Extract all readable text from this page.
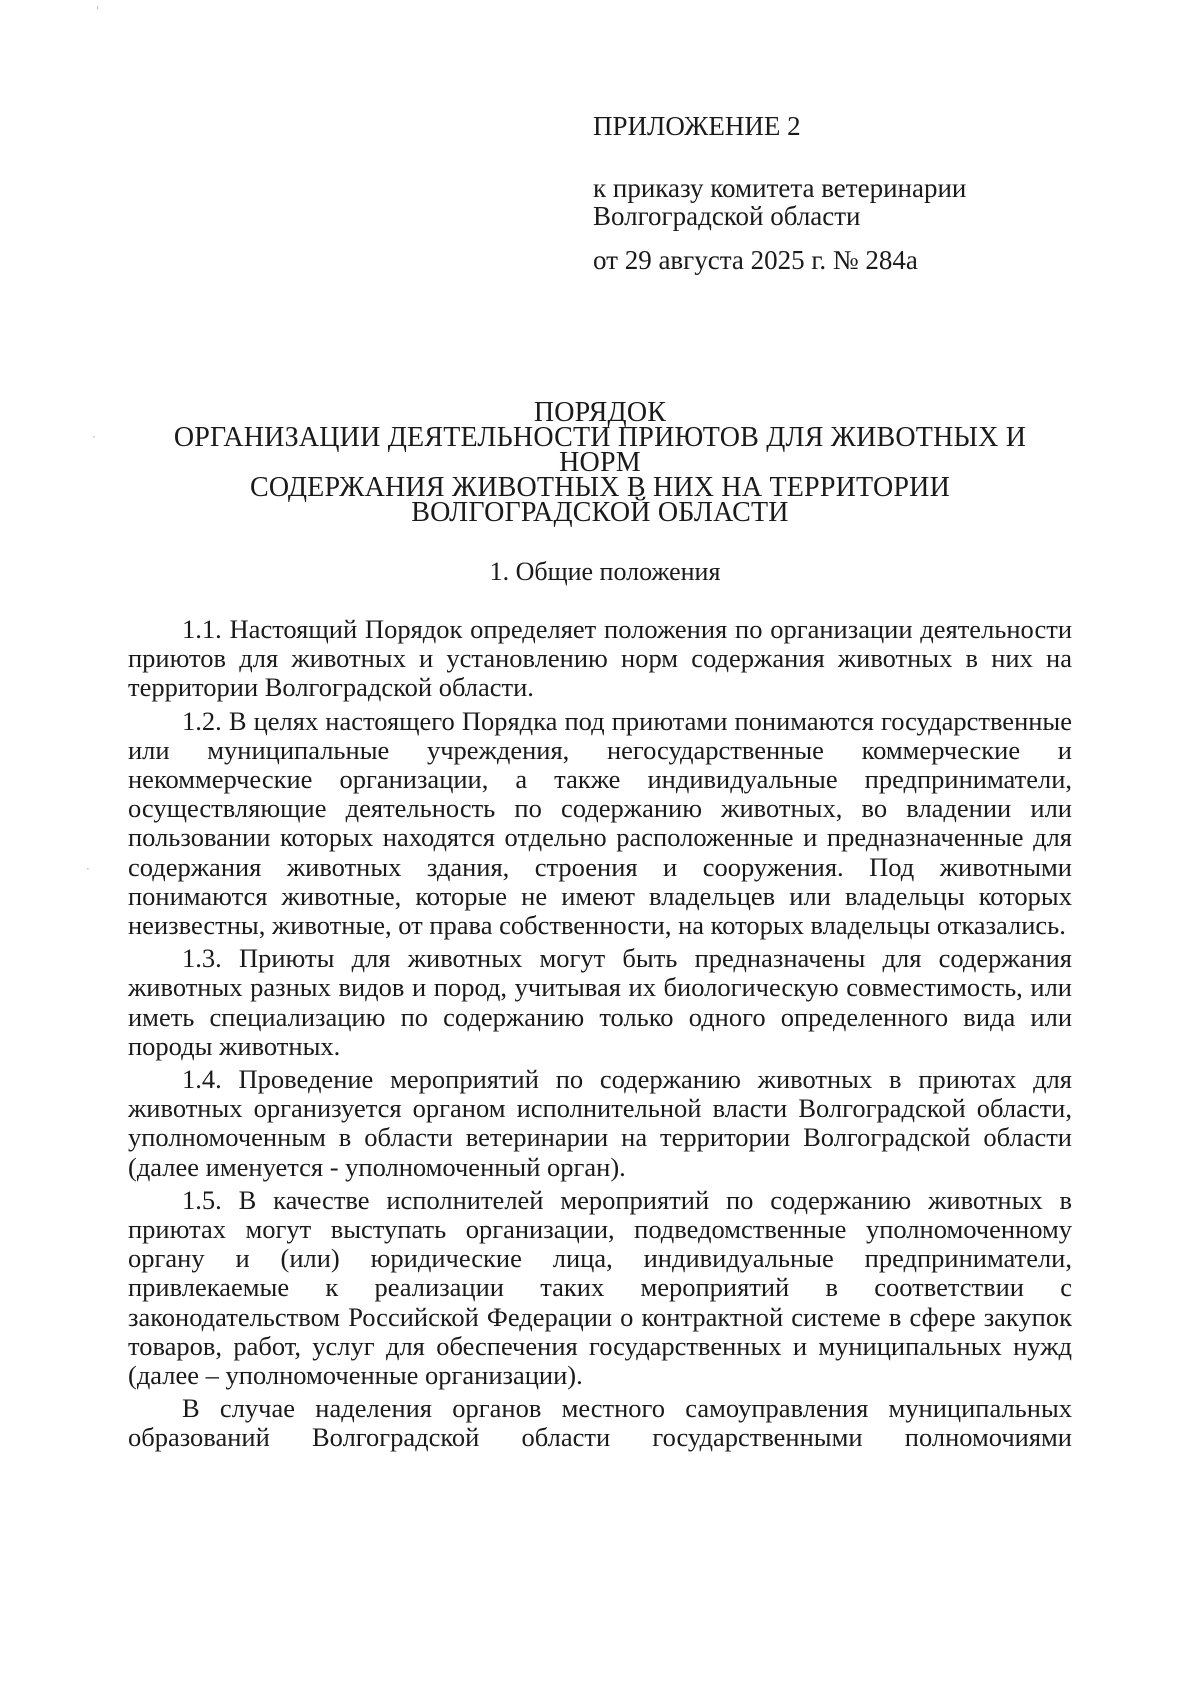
ПРИЛОЖЕНИЕ 2
к приказу комитета ветеринарии
Волгоградской области
от 29 августа 2025 г. № 284а
ПОРЯДОК
ОРГАНИЗАЦИИ ДЕЯТЕЛЬНОСТИ ПРИЮТОВ ДЛЯ ЖИВОТНЫХ И
НОРМ
СОДЕРЖАНИЯ ЖИВОТНЫХ В НИХ НА ТЕРРИТОРИИ
ВОЛГОГРАДСКОЙ ОБЛАСТИ
1. Общие положения

1.1. Настоящий Порядок определяет положения по организации деятельности приютов для животных и установлению норм содержания животных в них на территории Волгоградской области.

1.2. В целях настоящего Порядка под приютами понимаются государственные или муниципальные учреждения, негосударственные коммерческие и некоммерческие организации, а также индивидуальные предприниматели, осуществляющие деятельность по содержанию животных, во владении или пользовании которых находятся отдельно расположенные и предназначенные для содержания животных здания, строения и сооружения. Под животными понимаются животные, которые не имеют владельцев или владельцы которых неизвестны, животные, от права собственности, на которых владельцы отказались.

1.3. Приюты для животных могут быть предназначены для содержания животных разных видов и пород, учитывая их биологическую совместимость, или иметь специализацию по содержанию только одного определенного вида или породы животных.

1.4. Проведение мероприятий по содержанию животных в приютах для животных организуется органом исполнительной власти Волгоградской области, уполномоченным в области ветеринарии на территории Волгоградской области (далее именуется - уполномоченный орган).

1.5. В качестве исполнителей мероприятий по содержанию животных в приютах могут выступать организации, подведомственные уполномоченному органу и (или) юридические лица, индивидуальные предприниматели, привлекаемые к реализации таких мероприятий в соответствии с законодательством Российской Федерации о контрактной системе в сфере закупок товаров, работ, услуг для обеспечения государственных и муниципальных нужд (далее – уполномоченные организации).

В случае наделения органов местного самоуправления муниципальных образований Волгоградской области государственными полномочиями

'
·
·
